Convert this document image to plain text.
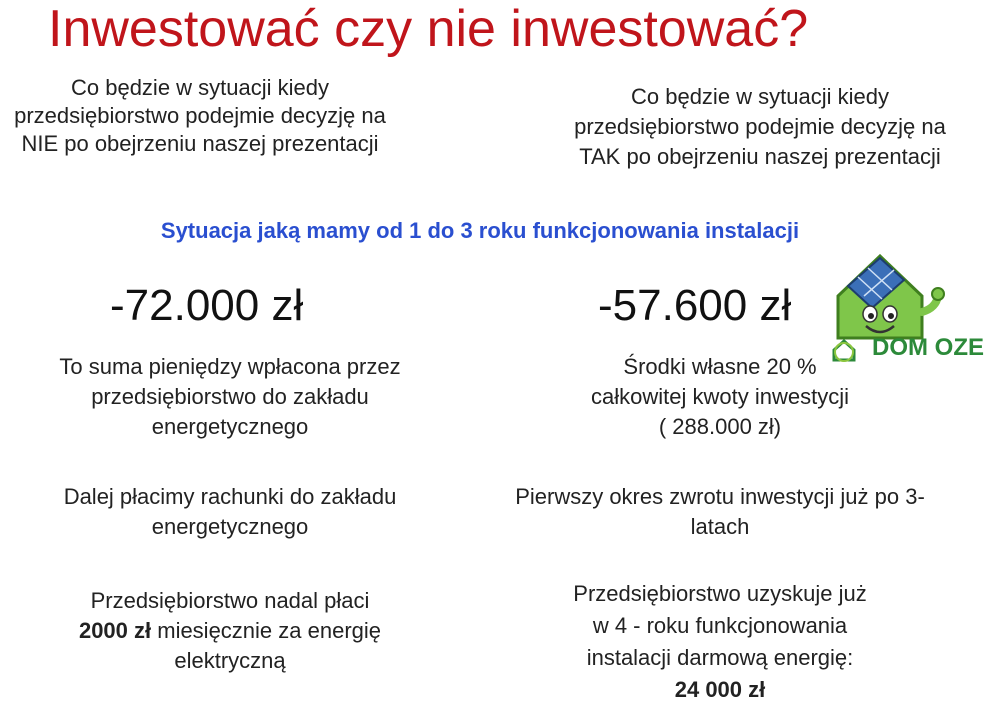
Inwestować czy nie inwestować?
Co będzie w sytuacji kiedy przedsiębiorstwo podejmie decyzję na NIE po obejrzeniu naszej prezentacji
Co będzie w sytuacji kiedy przedsiębiorstwo podejmie decyzję na TAK po obejrzeniu naszej prezentacji
Sytuacja jaką mamy od 1 do 3 roku funkcjonowania instalacji
-72.000 zł	-57.600 zł
To suma pieniędzy wpłacona przez przedsiębiorstwo do zakładu energetycznego
Dalej płacimy rachunki do zakładu energetycznego
Przedsiębiorstwo nadal płaci
2000 zł miesięcznie za energię elektryczną
Środki własne 20 %
całkowitej kwoty inwestycji
( 288.000 zł)
Pierwszy okres zwrotu inwestycji już po 3-latach
Przedsiębiorstwo uzyskuje już
w 4 - roku funkcjonowania
instalacji darmową energię:
24 000 zł
DOM OZE
